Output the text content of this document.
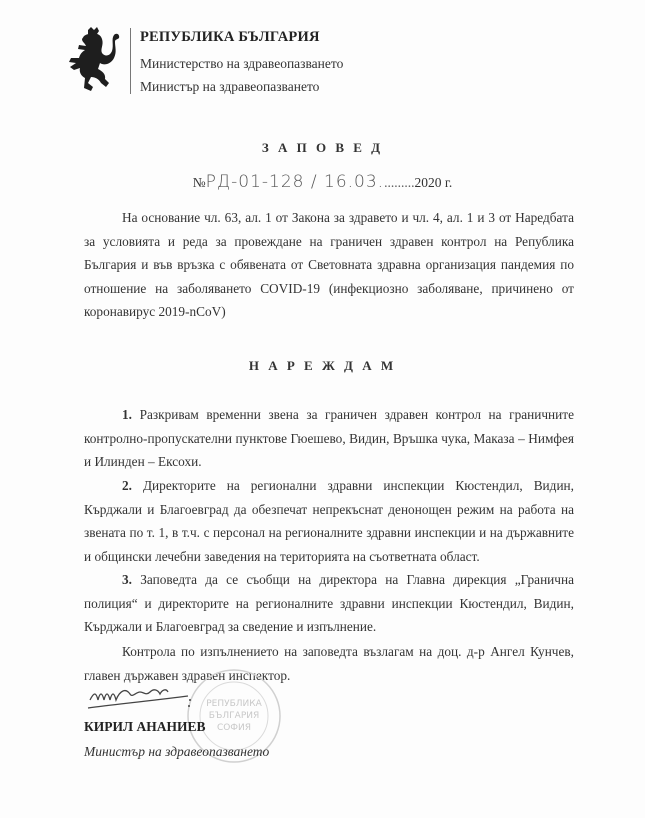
РЕПУБЛИКА БЪЛГАРИЯ
Министерство на здравеопазването
Министър на здравеопазването
З А П О В Е Д
№РД-01-128 / 16.03..........2020 г.
На основание чл. 63, ал. 1 от Закона за здравето и чл. 4, ал. 1 и 3 от Наредбата за условията и реда за провеждане на граничен здравен контрол на Република България и във връзка с обявената от Световната здравна организация пандемия по отношение на заболяването COVID-19 (инфекциозно заболяване, причинено от коронавирус 2019-nCoV)
Н А Р Е Ж Д А М
1. Разкривам временни звена за граничен здравен контрол на граничните контролно-пропускателни пунктове Гюешево, Видин, Връшка чука, Маказа – Нимфея и Илинден – Ексохи.
2. Директорите на регионални здравни инспекции Кюстендил, Видин, Кърджали и Благоевград да обезпечат непрекъснат денонощен режим на работа на звената по т. 1, в т.ч. с персонал на регионалните здравни инспекции и на държавните и общински лечебни заведения на територията на съответната област.
3. Заповедта да се съобщи на директора на Главна дирекция „Гранична полиция“ и директорите на регионалните здравни инспекции Кюстендил, Видин, Кърджали и Благоевград за сведение и изпълнение.
Контрола по изпълнението на заповедта възлагам на доц. д-р Ангел Кунчев, главен държавен здравен инспектор.
РЕПУБЛИКА
БЪЛГАРИЯ
СОФИЯ
КИРИЛ АНАНИЕВ
Министър на здравеопазването
